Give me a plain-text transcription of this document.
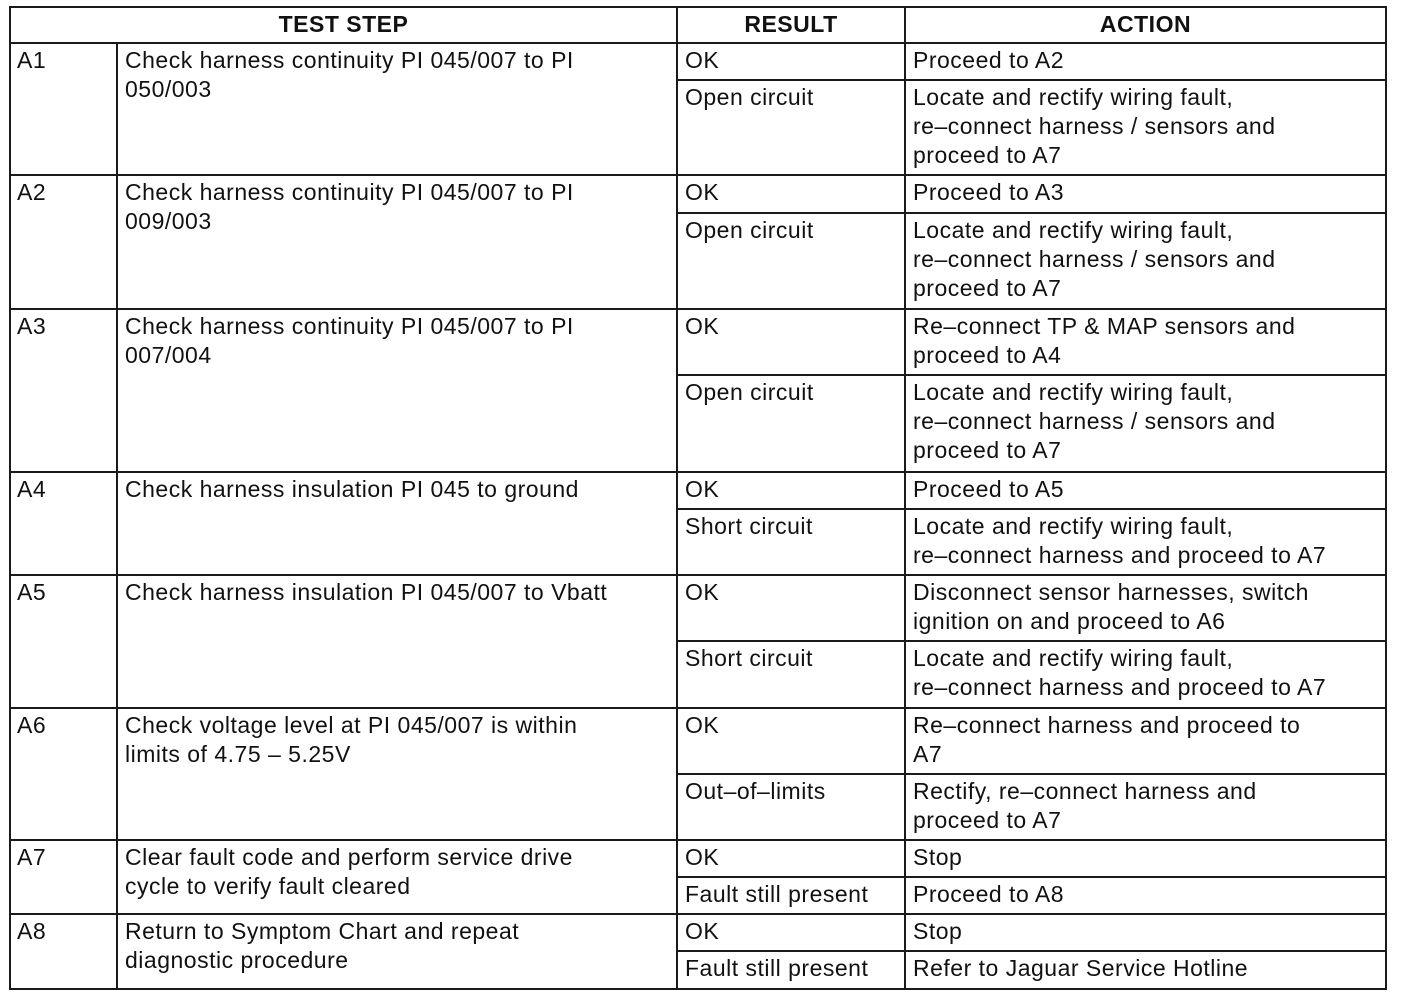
TEST STEP		RESULT	ACTION
A1	Check harness continuity PI 045/007 to PI
050/003	OK	Proceed to A2
		Open circuit	Locate and rectify wiring fault,
re–connect harness / sensors and
proceed to A7
A2	Check harness continuity PI 045/007 to PI
009/003	OK	Proceed to A3
		Open circuit	Locate and rectify wiring fault,
re–connect harness / sensors and
proceed to A7
A3	Check harness continuity PI 045/007 to PI
007/004	OK	Re–connect TP & MAP sensors and
proceed to A4
		Open circuit	Locate and rectify wiring fault,
re–connect harness / sensors and
proceed to A7
A4	Check harness insulation PI 045 to ground	OK	Proceed to A5
		Short circuit	Locate and rectify wiring fault,
re–connect harness and proceed to A7
A5	Check harness insulation PI 045/007 to Vbatt	OK	Disconnect sensor harnesses, switch
ignition on and proceed to A6
		Short circuit	Locate and rectify wiring fault,
re–connect harness and proceed to A7
A6	Check voltage level at PI 045/007 is within
limits of 4.75 – 5.25V	OK	Re–connect harness and proceed to
A7
		Out–of–limits	Rectify, re–connect harness and
proceed to A7
A7	Clear fault code and perform service drive
cycle to verify fault cleared	OK	Stop
		Fault still present	Proceed to A8
A8	Return to Symptom Chart and repeat
diagnostic procedure	OK	Stop
		Fault still present	Refer to Jaguar Service Hotline
